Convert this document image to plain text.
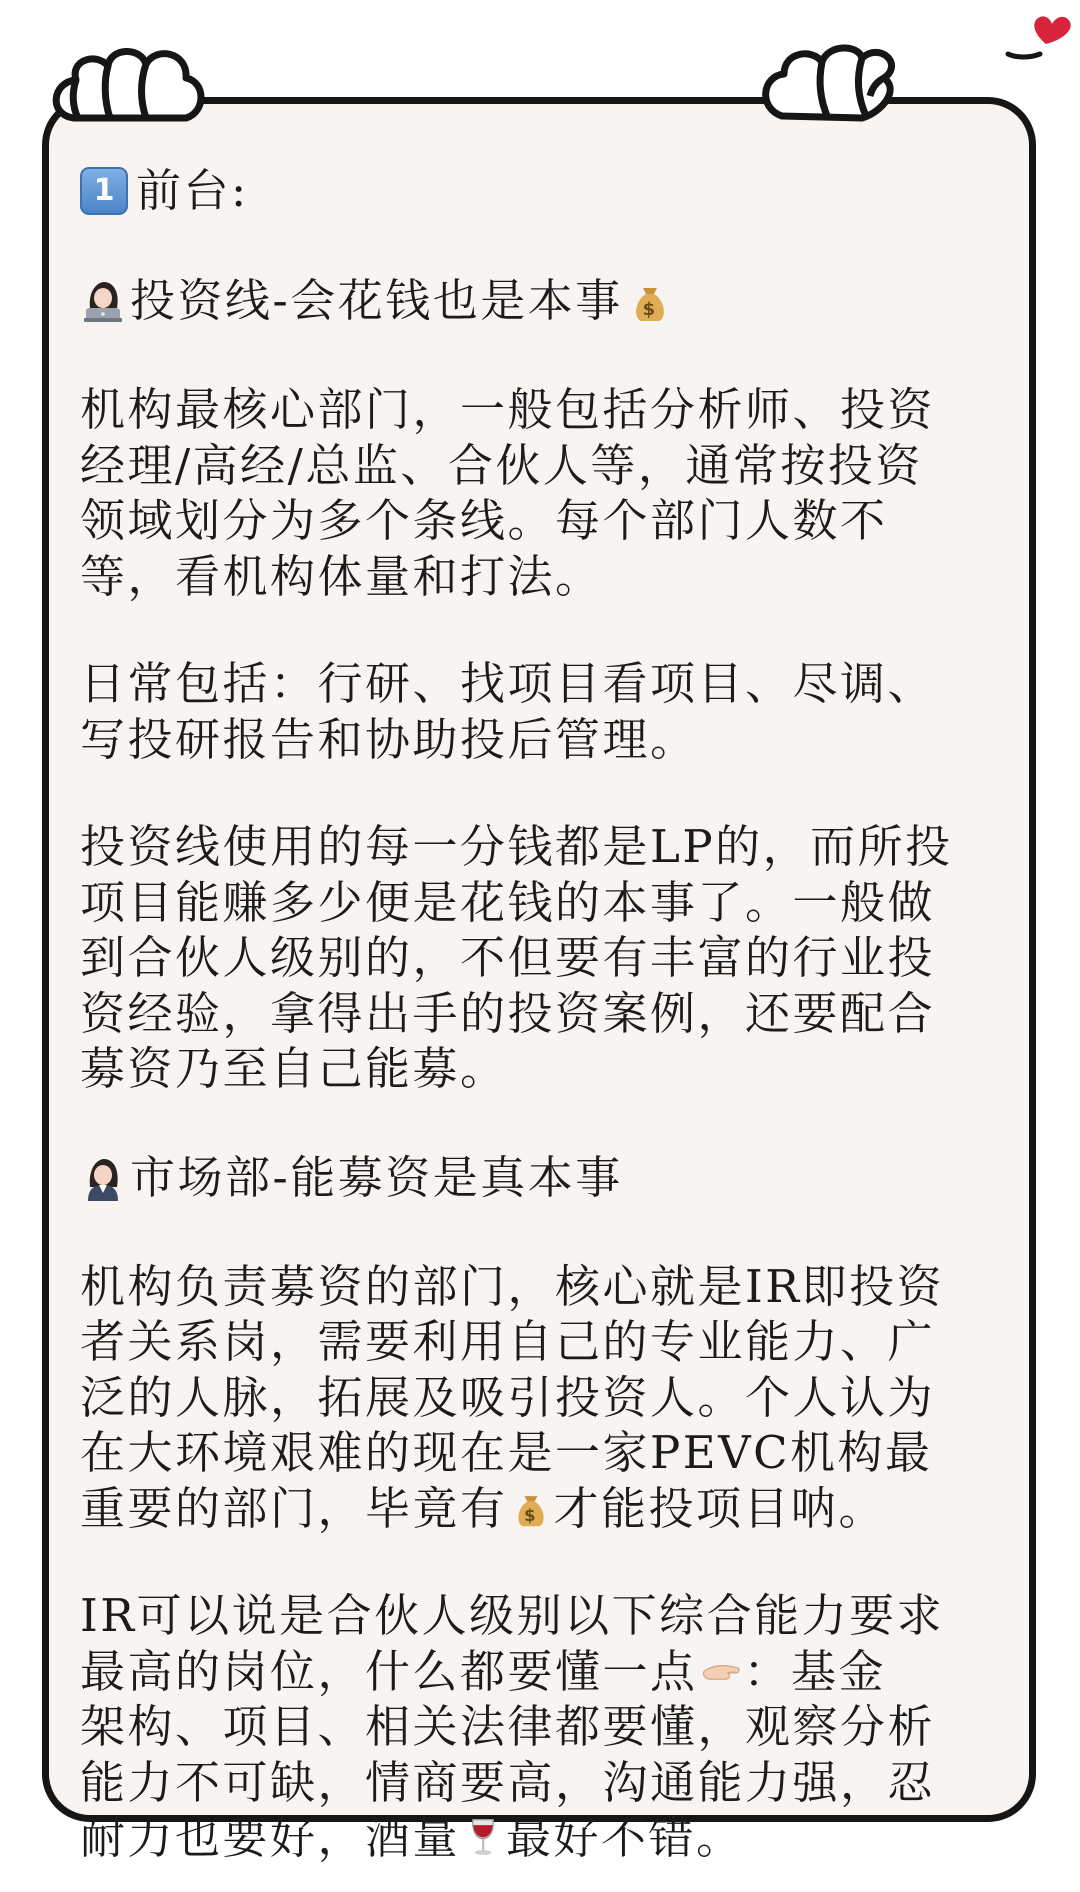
1 前台:
投资线-会花钱也是本事 $
机构最核心部门，一般包括分析师、投资
经理/高经/总监、合伙人等，通常按投资
领域划分为多个条线。每个部门人数不
等，看机构体量和打法。
日常包括：行研、找项目看项目、尽调、
写投研报告和协助投后管理。
投资线使用的每一分钱都是LP的，而所投
项目能赚多少便是花钱的本事了。一般做
到合伙人级别的，不但要有丰富的行业投
资经验，拿得出手的投资案例，还要配合
募资乃至自己能募。
市场部-能募资是真本事
机构负责募资的部门，核心就是IR即投资
者关系岗，需要利用自己的专业能力、广
泛的人脉，拓展及吸引投资人。个人认为
在大环境艰难的现在是一家PEVC机构最
重要的部门，毕竟有 $ 才能投项目呐。
IR可以说是合伙人级别以下综合能力要求
最高的岗位，什么都要懂一点 ：基金
架构、项目、相关法律都要懂，观察分析
能力不可缺，情商要高，沟通能力强，忍
耐力也要好，酒量 最好不错。
